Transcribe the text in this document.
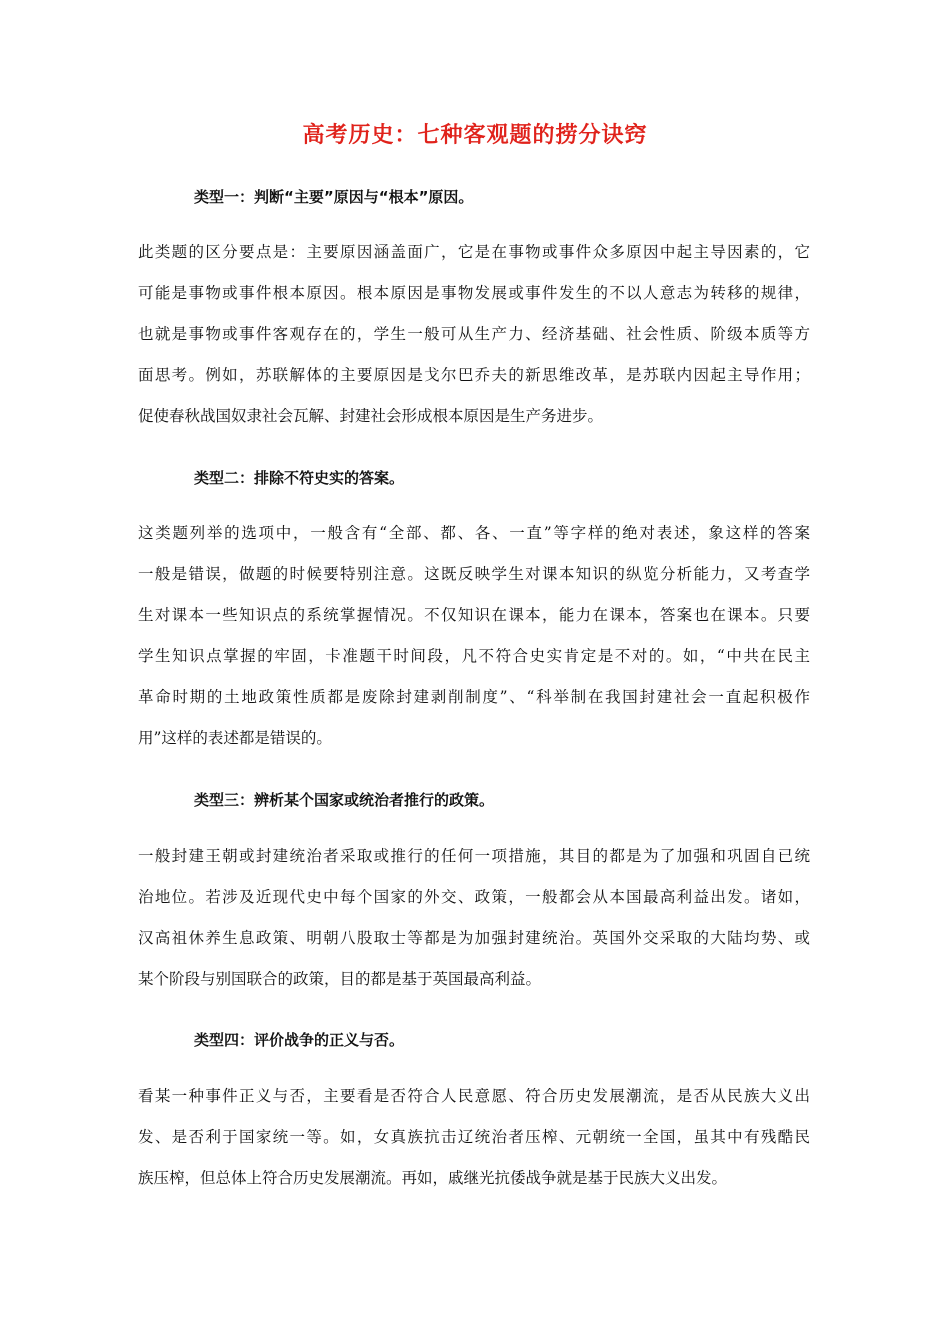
高考历史：七种客观题的捞分诀窍
类型一：判断“主要”原因与“根本”原因。
此类题的区分要点是：主要原因涵盖面广，它是在事物或事件众多原因中起主导因素的，它
可能是事物或事件根本原因。根本原因是事物发展或事件发生的不以人意志为转移的规律，
也就是事物或事件客观存在的，学生一般可从生产力、经济基础、社会性质、阶级本质等方
面思考。例如，苏联解体的主要原因是戈尔巴乔夫的新思维改革，是苏联内因起主导作用；
促使春秋战国奴隶社会瓦解、封建社会形成根本原因是生产务进步。
类型二：排除不符史实的答案。
这类题列举的选项中，一般含有“全部、都、各、一直”等字样的绝对表述，象这样的答案
一般是错误，做题的时候要特别注意。这既反映学生对课本知识的纵览分析能力，又考查学
生对课本一些知识点的系统掌握情况。不仅知识在课本，能力在课本，答案也在课本。只要
学生知识点掌握的牢固，卡准题干时间段，凡不符合史实肯定是不对的。如，“中共在民主
革命时期的土地政策性质都是废除封建剥削制度”、“科举制在我国封建社会一直起积极作
用”这样的表述都是错误的。
类型三：辨析某个国家或统治者推行的政策。
一般封建王朝或封建统治者采取或推行的任何一项措施，其目的都是为了加强和巩固自已统
治地位。若涉及近现代史中每个国家的外交、政策，一般都会从本国最高利益出发。诸如，
汉高祖休养生息政策、明朝八股取士等都是为加强封建统治。英国外交采取的大陆均势、或
某个阶段与别国联合的政策，目的都是基于英国最高利益。
类型四：评价战争的正义与否。
看某一种事件正义与否，主要看是否符合人民意愿、符合历史发展潮流，是否从民族大义出
发、是否利于国家统一等。如，女真族抗击辽统治者压榨、元朝统一全国，虽其中有残酷民
族压榨，但总体上符合历史发展潮流。再如，戚继光抗倭战争就是基于民族大义出发。
